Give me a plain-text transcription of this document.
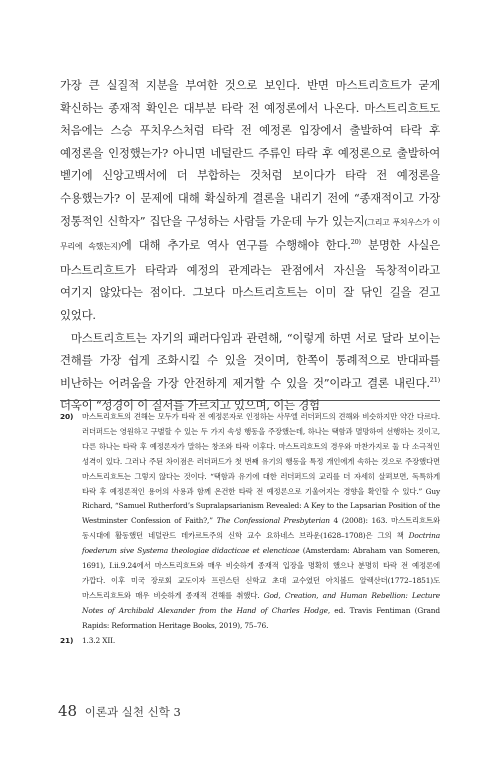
가장 큰 실질적 지분을 부여한 것으로 보인다. 반면 마스트리흐트가 굳게 확신하는 종재적 확인은 대부분 타락 전 예정론에서 나온다. 마스트리흐트도 처음에는 스승 푸치우스처럼 타락 전 예정론 입장에서 출발하여 타락 후 예정론을 인정했는가? 아니면 네덜란드 주류인 타락 후 예정론으로 출발하여 벧기에 신앙고백서에 더 부합하는 것처럼 보이다가 타락 전 예정론을 수용했는가? 이 문제에 대해 확실하게 결론을 내리기 전에 “종재적이고 가장 정통적인 신학자” 집단을 구성하는 사람들 가운데 누가 있는지(그리고 푸치우스가 이 무리에 속했는지)에 대해 추가로 역사 연구를 수행해야 한다.$^{20)}$ 분명한 사실은 마스트리흐트가 타락과 예정의 관계라는 관점에서 자신을 독창적이라고 여기지 않았다는 점이다. 그보다 마스트리흐트는 이미 잘 닦인 길을 걷고 있었다.

마스트리흐트는 자기의 패러다임과 관련해, “이렇게 하면 서로 달라 보이는 견해를 가장 쉽게 조화시킬 수 있을 것이며, 한쪽이 통례적으로 반대파를 비난하는 어려움을 가장 안전하게 제거할 수 있을 것”이라고 결론 내린다.$^{21)}$ 더욱이 “성경이 이 질서를 가르치고 있으며, 이는 경험

20)	마스트리흐트의 견해는 모두가 타락 전 예정론자로 인정하는 사무엘 러더퍼드의 견해와 비슷하지만 약간 다르다. 러더퍼드는 영원하고 구별할 수 있는 두 가지 속성 행동을 주장했는데, 하나는 택함과 멸망하여 선행하는 것이고, 다른 하나는 타락 후 예정론자가 말하는 창조와 타락 이후다. 마스트리흐트의 경우와 마찬가지로 둘 다 소극적인 성격이 있다. 그러나 주된 차이점은 러더퍼드가 첫 번째 유기의 행동을 특정 개인에게 속하는 것으로 주장했다면 마스트리흐트는 그렇지 않다는 것이다. “택함과 유기에 대한 러더퍼드의 교리를 더 자세히 살펴보면, 독특하게 타락 후 예정론적인 용어의 사용과 함께 온건한 타락 전 예정론으로 기울어지는 경향을 확인할 수 있다.” Guy Richard, “Samuel Rutherford’s Supralapsarianism Revealed: A Key to the Lapsarian Position of the Westminster Confession of Faith?,” The Confessional Presbyterian 4 (2008): 163. 마스트리흐트와 동시대에 활동했던 네덜란드 데카르트주의 신학 교수 요하네스 브라운(1628–1708)은 그의 책 Doctrina foederum sive Systema theologiae didacticae et elencticae (Amsterdam: Abraham van Someren, 1691), I.ii.9.24에서 마스트리흐트와 매우 비슷하게 종재적 입장을 명확히 했으나 분명히 타락 전 예정론에 가깝다. 이후 미국 장로회 교도이자 프린스턴 신학교 초대 교수였던 아치볼드 알렉산더(1772–1851)도 마스트리흐트와 매우 비슷하게 종재적 견해를 취했다. God, Creation, and Human Rebellion: Lecture Notes of Archibald Alexander from the Hand of Charles Hodge, ed. Travis Fentiman (Grand Rapids: Reformation Heritage Books, 2019), 75–76.
21)	1.3.2 XII.
48 이론과 실천 신학 3
